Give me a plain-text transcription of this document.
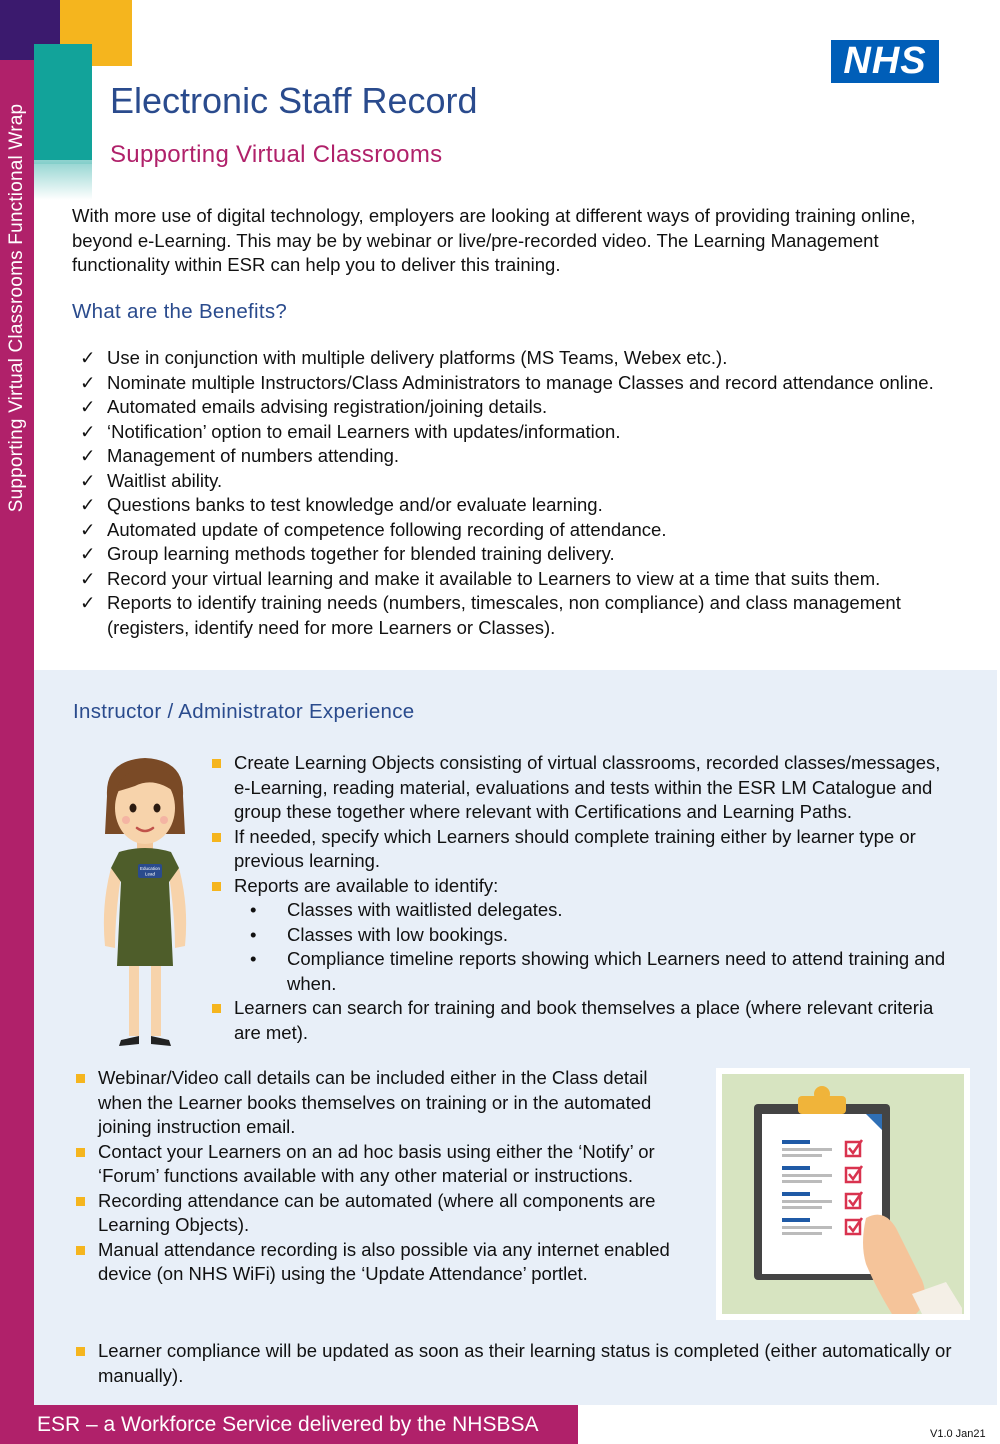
Supporting Virtual Classrooms Functional Wrap
NHS
Electronic Staff Record
Supporting Virtual Classrooms
With more use of digital technology, employers are looking at different ways of providing training online, beyond e-Learning. This may be by webinar or live/pre-recorded video. The Learning Management functionality within ESR can help you to deliver this training.
What are the Benefits?
✓ Use in conjunction with multiple delivery platforms (MS Teams, Webex etc.).
✓ Nominate multiple Instructors/Class Administrators to manage Classes and record attendance online.
✓ Automated emails advising registration/joining details.
✓ ‘Notification’ option to email Learners with updates/information.
✓ Management of numbers attending.
✓ Waitlist ability.
✓ Questions banks to test knowledge and/or evaluate learning.
✓ Automated update of competence following recording of attendance.
✓ Group learning methods together for blended training delivery.
✓ Record your virtual learning and make it available to Learners to view at a time that suits them.
✓ Reports to identify training needs (numbers, timescales, non compliance) and class management (registers, identify need for more Learners or Classes).
Instructor / Administrator Experience
Education
Lead
Create Learning Objects consisting of virtual classrooms, recorded classes/messages, e-Learning, reading material, evaluations and tests within the ESR LM Catalogue and group these together where relevant with Certifications and Learning Paths.
If needed, specify which Learners should complete training either by learner type or previous learning.
Reports are available to identify:
• Classes with waitlisted delegates.
• Classes with low bookings.
• Compliance timeline reports showing which Learners need to attend training and when.
Learners can search for training and book themselves a place (where relevant criteria are met).
Webinar/Video call details can be included either in the Class detail when the Learner books themselves on training or in the automated joining instruction email.
Contact your Learners on an ad hoc basis using either the ‘Notify’ or ‘Forum’ functions available with any other material or instructions.
Recording attendance can be automated (where all components are Learning Objects).
Manual attendance recording is also possible via any internet enabled device (on NHS WiFi) using the ‘Update Attendance’ portlet.
Learner compliance will be updated as soon as their learning status is completed (either automatically or manually).
ESR – a Workforce Service delivered by the NHSBSA	V1.0 Jan21
